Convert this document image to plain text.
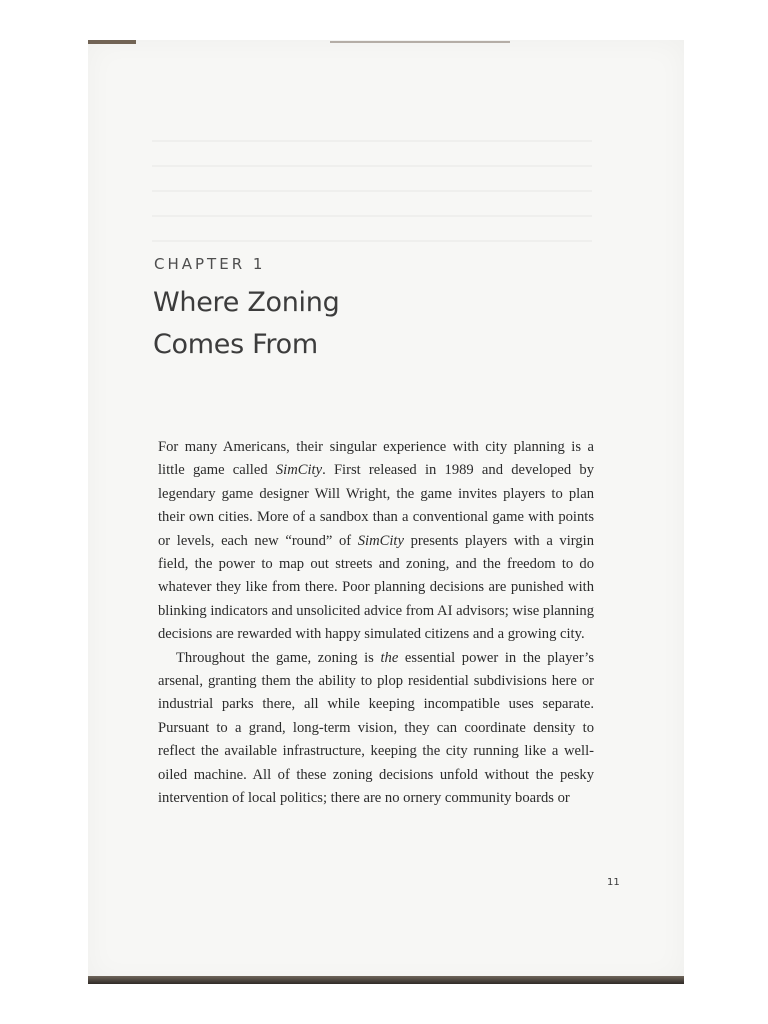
CHAPTER 1
Where Zoning
Comes From

For many Americans, their singular experience with city planning is a little game called SimCity. First released in 1989 and developed by legendary game designer Will Wright, the game invites players to plan their own cities. More of a sandbox than a conventional game with points or levels, each new “round” of SimCity presents players with a virgin field, the power to map out streets and zoning, and the freedom to do whatever they like from there. Poor planning decisions are punished with blinking indicators and unsolicited advice from AI advisors; wise planning decisions are rewarded with happy simulated citizens and a growing city.

Throughout the game, zoning is the essential power in the player’s arsenal, granting them the ability to plop residential subdivisions here or industrial parks there, all while keeping incompatible uses separate. Pursuant to a grand, long-term vision, they can coordinate density to reflect the available infrastructure, keeping the city running like a well-oiled machine. All of these zoning decisions unfold without the pesky intervention of local politics; there are no ornery community boards or

11
